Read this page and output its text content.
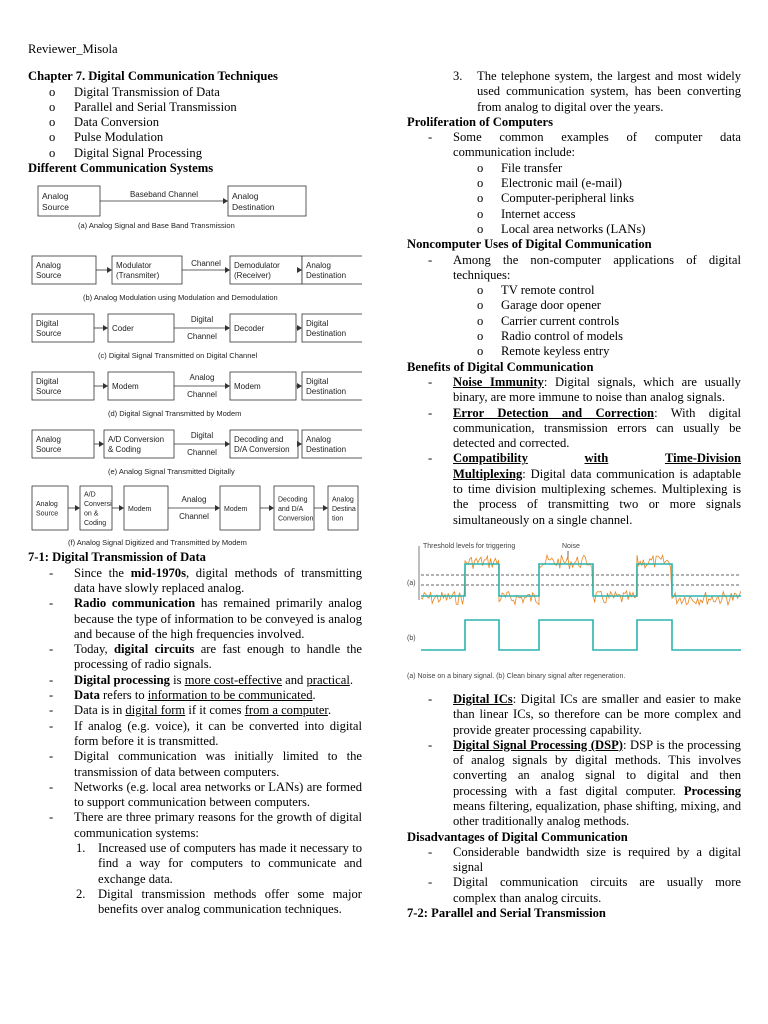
Reviewer_Misola
Chapter 7. Digital Communication Techniques
o Digital Transmission of Data
o Parallel and Serial Transmission
o Data Conversion
o Pulse Modulation
o Digital Signal Processing
Different Communication Systems
Analog
Source
Analog
Destination
Baseband Channel
(a) Analog Signal and Base Band Transmission
Analog
Source
Modulator
(Transmiter)
Demodulator
(Receiver)
Analog
Destination
Channel
(b) Analog Modulation using Modulation and Demodulation
Digital
Source
Coder	Decoder
Digital
Destination
Digital
Channel
(c) Digital Signal Transmitted on Digital Channel
Digital
Source
Modem	Modem
Digital
Destination
Analog
Channel
(d) Digital Signal Transmitted by Modem
Analog
Source
A/D Conversion
& Coding
Decoding and
D/A Conversion
Analog
Destination
Digital
Channel
(e) Analog Signal Transmitted Digitally
Analog
Source
A/D
Conversi
on &
Coding
Modem	Modem
Decoding
and D/A
Conversion
Analog
Destina
tion
Analog
Channel
(f) Analog Signal Digitized and Transmitted by Modem
7-1: Digital Transmission of Data
- Since the mid-1970s, digital methods of transmitting data have slowly replaced analog.
- Radio communication has remained primarily analog because the type of information to be conveyed is analog and because of the high frequencies involved.
- Today, digital circuits are fast enough to handle the processing of radio signals.
- Digital processing is more cost-effective and practical.
- Data refers to information to be communicated.
- Data is in digital form if it comes from a computer.
- If analog (e.g. voice), it can be converted into digital form before it is transmitted.
- Digital communication was initially limited to the transmission of data between computers.
- Networks (e.g. local area networks or LANs) are formed to support communication between computers.
- There are three primary reasons for the growth of digital communication systems:
1. Increased use of computers has made it necessary to find a way for computers to communicate and exchange data.
2. Digital transmission methods offer some major benefits over analog communication techniques.
3. The telephone system, the largest and most widely used communication system, has been converting from analog to digital over the years.
Proliferation of Computers
- Some common examples of computer data communication include:
o File transfer
o Electronic mail (e-mail)
o Computer-peripheral links
o Internet access
o Local area networks (LANs)
Noncomputer Uses of Digital Communication
- Among the non-computer applications of digital techniques:
o TV remote control
o Garage door opener
o Carrier current controls
o Radio control of models
o Remote keyless entry
Benefits of Digital Communication
- Noise Immunity: Digital signals, which are usually binary, are more immune to noise than analog signals.
- Error Detection and Correction: With digital communication, transmission errors can usually be detected and corrected.
- Compatibility	with	Time-Division
Multiplexing: Digital data communication is adaptable to time division multiplexing schemes. Multiplexing is the process of transmitting two or more signals simultaneously on a single channel.
Threshold levels for triggering	Noise
(a)
(b)
(a) Noise on a binary signal. (b) Clean binary signal after regeneration.
- Digital ICs: Digital ICs are smaller and easier to make than linear ICs, so therefore can be more complex and provide greater processing capability.
- Digital Signal Processing (DSP): DSP is the processing of analog signals by digital methods. This involves converting an analog signal to digital and then processing with a fast digital computer. Processing means filtering, equalization, phase shifting, mixing, and other traditionally analog methods.
Disadvantages of Digital Communication
- Considerable bandwidth size is required by a digital signal
- Digital communication circuits are usually more complex than analog circuits.
7-2: Parallel and Serial Transmission
